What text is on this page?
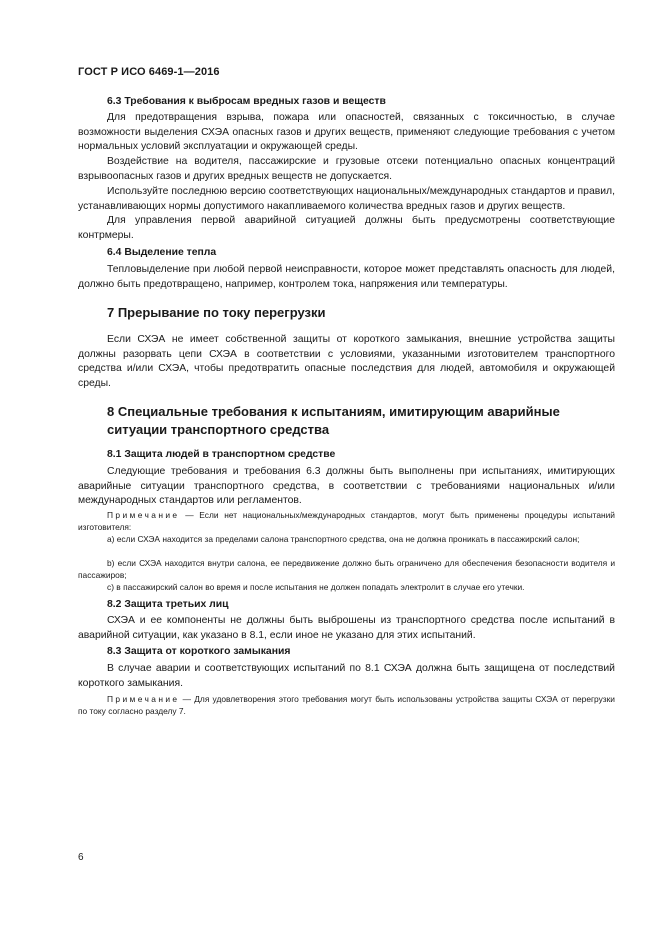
ГОСТ Р ИСО 6469-1—2016
6.3 Требования к выбросам вредных газов и веществ
Для предотвращения взрыва, пожара или опасностей, связанных с токсичностью, в случае возможности выделения СХЭА опасных газов и других веществ, применяют следующие требования с учетом нормальных условий эксплуатации и окружающей среды.
Воздействие на водителя, пассажирские и грузовые отсеки потенциально опасных концентраций взрывоопасных газов и других вредных веществ не допускается.
Используйте последнюю версию соответствующих национальных/международных стандартов и правил, устанавливающих нормы допустимого накапливаемого количества вредных газов и других веществ.
Для управления первой аварийной ситуацией должны быть предусмотрены соответствующие контрмеры.
6.4 Выделение тепла
Тепловыделение при любой первой неисправности, которое может представлять опасность для людей, должно быть предотвращено, например, контролем тока, напряжения или температуры.
7 Прерывание по току перегрузки
Если СХЭА не имеет собственной защиты от короткого замыкания, внешние устройства защиты должны разорвать цепи СХЭА в соответствии с условиями, указанными изготовителем транспортного средства и/или СХЭА, чтобы предотвратить опасные последствия для людей, автомобиля и окружающей среды.
8 Специальные требования к испытаниям, имитирующим аварийные ситуации транспортного средства
8.1 Защита людей в транспортном средстве
Следующие требования и требования 6.3 должны быть выполнены при испытаниях, имитирующих аварийные ситуации транспортного средства, в соответствии с требованиями национальных и/или международных стандартов или регламентов.
Примечание — Если нет национальных/международных стандартов, могут быть применены процедуры испытаний изготовителя:
a) если СХЭА находится за пределами салона транспортного средства, она не должна проникать в пассажирский салон;
b) если СХЭА находится внутри салона, ее передвижение должно быть ограничено для обеспечения безопасности водителя и пассажиров;
c) в пассажирский салон во время и после испытания не должен попадать электролит в случае его утечки.
8.2 Защита третьих лиц
СХЭА и ее компоненты не должны быть выброшены из транспортного средства после испытаний в аварийной ситуации, как указано в 8.1, если иное не указано для этих испытаний.
8.3 Защита от короткого замыкания
В случае аварии и соответствующих испытаний по 8.1 СХЭА должна быть защищена от последствий короткого замыкания.
Примечание — Для удовлетворения этого требования могут быть использованы устройства защиты СХЭА от перегрузки по току согласно разделу 7.
6
